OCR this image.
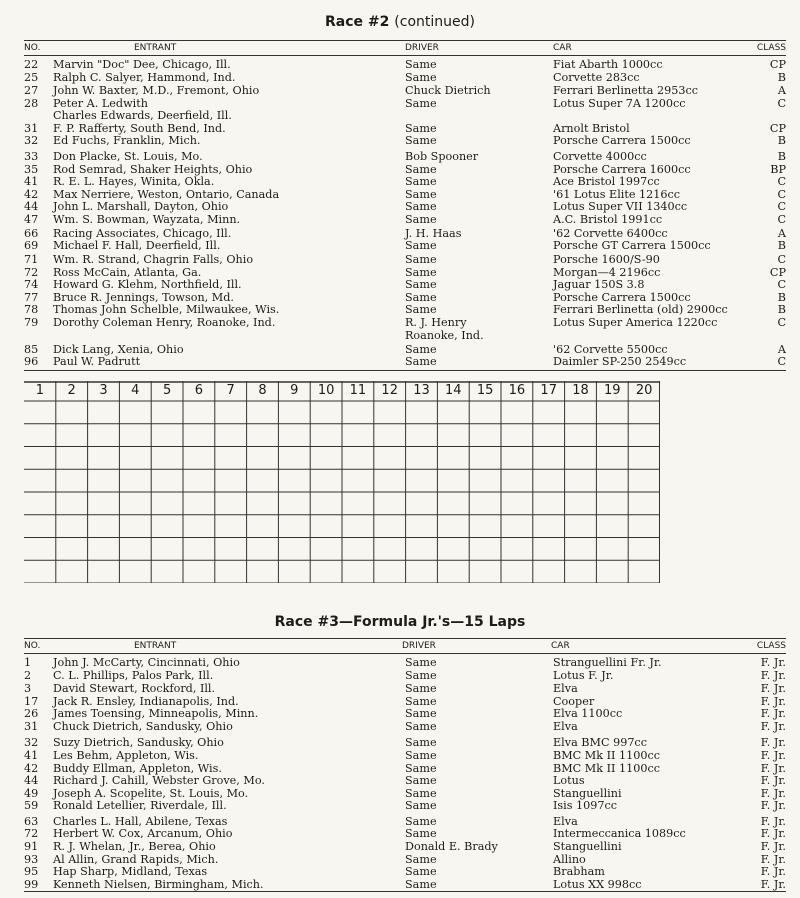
Race #2 (continued)
NO.	ENTRANT	DRIVER	CAR	CLASS
22	Marvin "Doc" Dee, Chicago, Ill.	Same	Fiat Abarth 1000cc	CP
25	Ralph C. Salyer, Hammond, Ind.	Same	Corvette 283cc	B
27	John W. Baxter, M.D., Fremont, Ohio	Chuck Dietrich	Ferrari Berlinetta 2953cc	A
28	Peter A. Ledwith	Same	Lotus Super 7A 1200cc	C
Charles Edwards, Deerfield, Ill.
31	F. P. Rafferty, South Bend, Ind.	Same	Arnolt Bristol	CP
32	Ed Fuchs, Franklin, Mich.	Same	Porsche Carrera 1500cc	B
33	Don Placke, St. Louis, Mo.	Bob Spooner	Corvette 4000cc	B
35	Rod Semrad, Shaker Heights, Ohio	Same	Porsche Carrera 1600cc	BP
41	R. E. L. Hayes, Winita, Okla.	Same	Ace Bristol 1997cc	C
42	Max Nerriere, Weston, Ontario, Canada	Same	'61 Lotus Elite 1216cc	C
44	John L. Marshall, Dayton, Ohio	Same	Lotus Super VII 1340cc	C
47	Wm. S. Bowman, Wayzata, Minn.	Same	A.C. Bristol 1991cc	C
66	Racing Associates, Chicago, Ill.	J. H. Haas	'62 Corvette 6400cc	A
69	Michael F. Hall, Deerfield, Ill.	Same	Porsche GT Carrera 1500cc	B
71	Wm. R. Strand, Chagrin Falls, Ohio	Same	Porsche 1600/S-90	C
72	Ross McCain, Atlanta, Ga.	Same	Morgan—4 2196cc	CP
74	Howard G. Klehm, Northfield, Ill.	Same	Jaguar 150S 3.8	C
77	Bruce R. Jennings, Towson, Md.	Same	Porsche Carrera 1500cc	B
78	Thomas John Schelble, Milwaukee, Wis.	Same	Ferrari Berlinetta (old) 2900cc	B
79	Dorothy Coleman Henry, Roanoke, Ind.	R. J. Henry	Lotus Super America 1220cc	C
Roanoke, Ind.
85	Dick Lang, Xenia, Ohio	Same	'62 Corvette 5500cc	A
96	Paul W. Padrutt	Same	Daimler SP-250 2549cc	C
1	2	3	4	5	6	7	8	9	10	11	12	13	14	15	16	17	18	19	20
Race #3—Formula Jr.'s—15 Laps
NO.	ENTRANT	DRIVER	CAR	CLASS
1	John J. McCarty, Cincinnati, Ohio	Same	Stranguellini Fr. Jr.	F. Jr.
2	C. L. Phillips, Palos Park, Ill.	Same	Lotus F. Jr.	F. Jr.
3	David Stewart, Rockford, Ill.	Same	Elva	F. Jr.
17	Jack R. Ensley, Indianapolis, Ind.	Same	Cooper	F. Jr.
26	James Toensing, Minneapolis, Minn.	Same	Elva 1100cc	F. Jr.
31	Chuck Dietrich, Sandusky, Ohio	Same	Elva	F. Jr.
32	Suzy Dietrich, Sandusky, Ohio	Same	Elva BMC 997cc	F. Jr.
41	Les Behm, Appleton, Wis.	Same	BMC Mk II 1100cc	F. Jr.
42	Buddy Ellman, Appleton, Wis.	Same	BMC Mk II 1100cc	F. Jr.
44	Richard J. Cahill, Webster Grove, Mo.	Same	Lotus	F. Jr.
49	Joseph A. Scopelite, St. Louis, Mo.	Same	Stanguellini	F. Jr.
59	Ronald Letellier, Riverdale, Ill.	Same	Isis 1097cc	F. Jr.
63	Charles L. Hall, Abilene, Texas	Same	Elva	F. Jr.
72	Herbert W. Cox, Arcanum, Ohio	Same	Intermeccanica 1089cc	F. Jr.
91	R. J. Whelan, Jr., Berea, Ohio	Donald E. Brady	Stanguellini	F. Jr.
93	Al Allin, Grand Rapids, Mich.	Same	Allino	F. Jr.
95	Hap Sharp, Midland, Texas	Same	Brabham	F. Jr.
99	Kenneth Nielsen, Birmingham, Mich.	Same	Lotus XX 998cc	F. Jr.
